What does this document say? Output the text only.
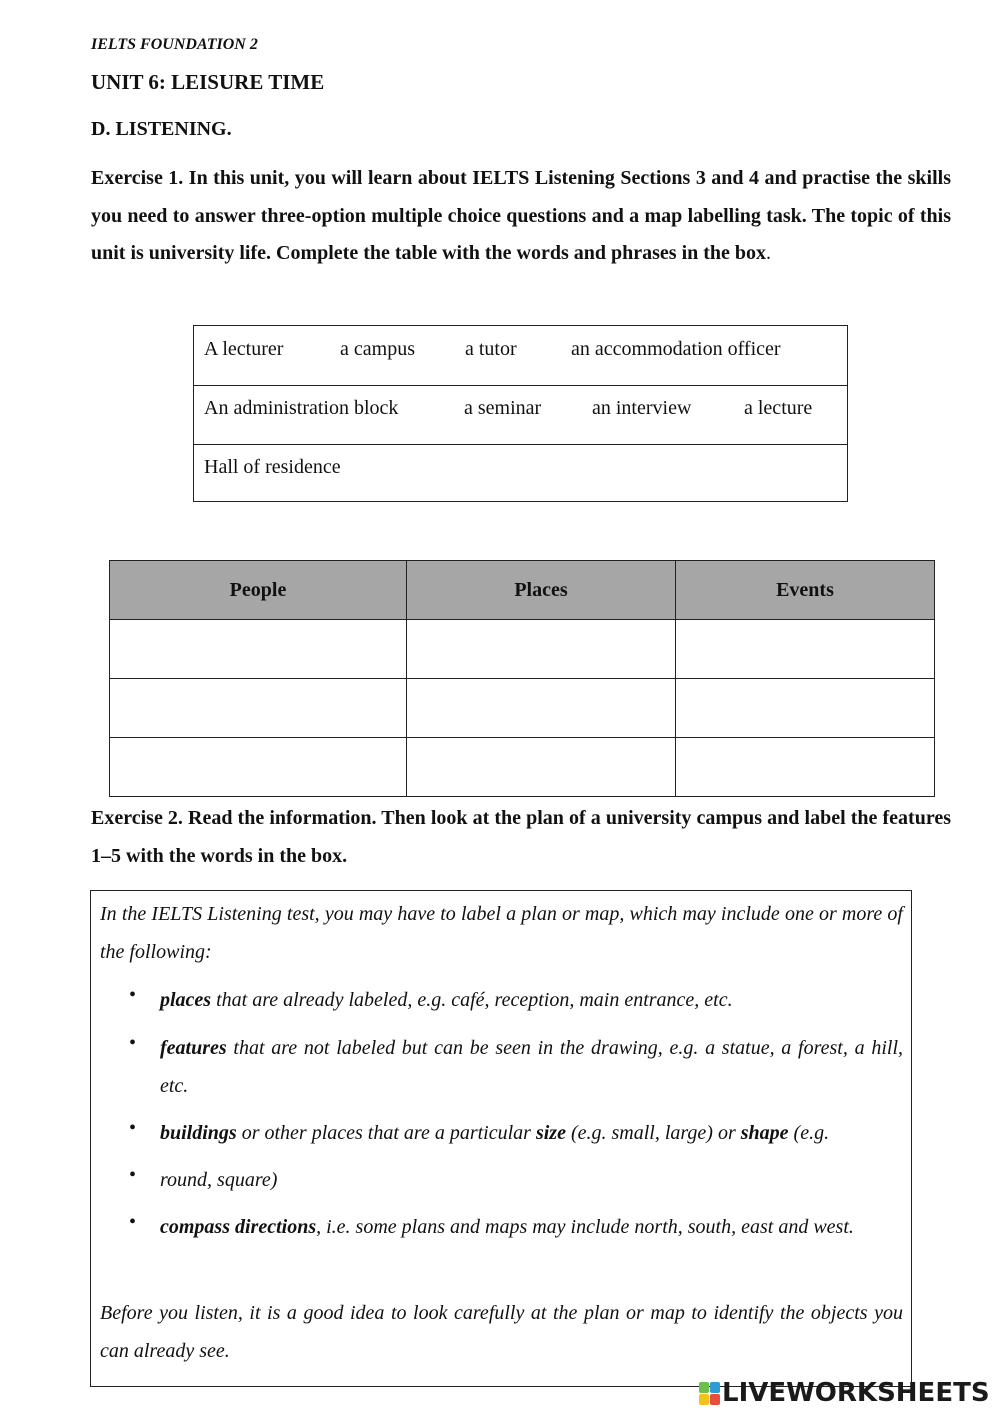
IELTS FOUNDATION 2
UNIT 6: LEISURE TIME
D. LISTENING.
Exercise 1. In this unit, you will learn about IELTS Listening Sections 3 and 4 and practise the skills you need to answer three-option multiple choice questions and a map labelling task. The topic of this unit is university life. Complete the table with the words and phrases in the box.
A lecturer	a campus	a tutor	an accommodation officer
An administration block	a seminar	an interview	a lecture
Hall of residence
People	Places	Events

Exercise 2. Read the information. Then look at the plan of a university campus and label the features 1–5 with the words in the box.
In the IELTS Listening test, you may have to label a plan or map, which may include one or more of the following:
• places that are already labeled, e.g. café, reception, main entrance, etc.
• features that are not labeled but can be seen in the drawing, e.g. a statue, a forest, a hill, etc.
• buildings or other places that are a particular size (e.g. small, large) or shape (e.g.
• round, square)
• compass directions, i.e. some plans and maps may include north, south, east and west.
Before you listen, it is a good idea to look carefully at the plan or map to identify the objects you can already see.
LIVEWORKSHEETS
